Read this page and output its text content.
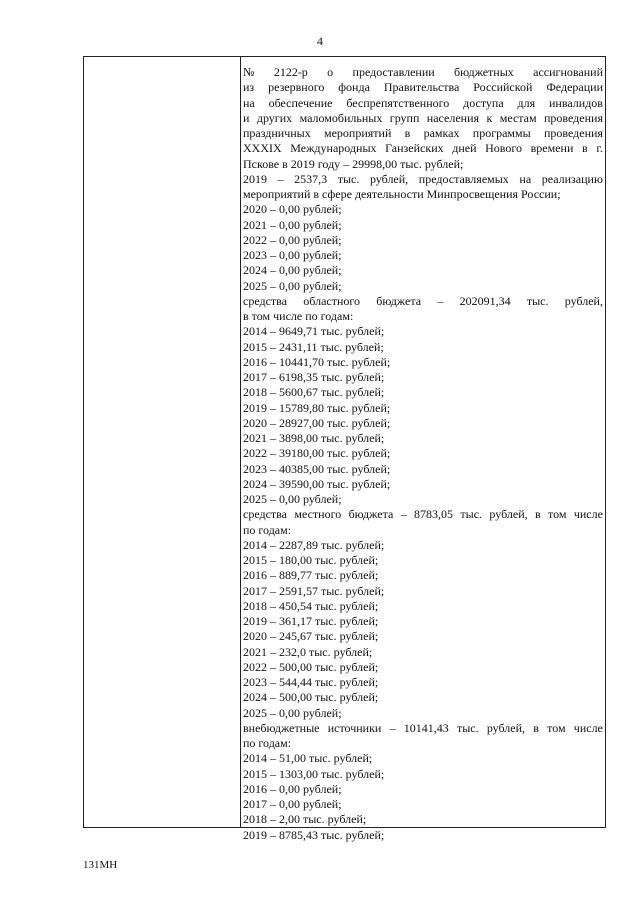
4
№ 2122-р о предоставлении бюджетных ассигнований
из резервного фонда Правительства Российской Федерации
на обеспечение беспрепятственного доступа для инвалидов
и других маломобильных групп населения к местам проведения
праздничных мероприятий в рамках программы проведения
XXXIX Международных Ганзейских дней Нового времени в г.
Пскове в 2019 году – 29998,00 тыс. рублей;
2019 – 2537,3 тыс. рублей, предоставляемых на реализацию
мероприятий в сфере деятельности Минпросвещения России;
2020 – 0,00 рублей;
2021 – 0,00 рублей;
2022 – 0,00 рублей;
2023 – 0,00 рублей;
2024 – 0,00 рублей;
2025 – 0,00 рублей;
средства областного бюджета – 202091,34 тыс. рублей,
в том числе по годам:
2014 – 9649,71 тыс. рублей;
2015 – 2431,11 тыс. рублей;
2016 – 10441,70 тыс. рублей;
2017 – 6198,35 тыс. рублей;
2018 – 5600,67 тыс. рублей;
2019 – 15789,80 тыс. рублей;
2020 – 28927,00 тыс. рублей;
2021 – 3898,00 тыс. рублей;
2022 – 39180,00 тыс. рублей;
2023 – 40385,00 тыс. рублей;
2024 – 39590,00 тыс. рублей;
2025 – 0,00 рублей;
средства местного бюджета – 8783,05 тыс. рублей, в том числе
по годам:
2014 – 2287,89 тыс. рублей;
2015 – 180,00 тыс. рублей;
2016 – 889,77 тыс. рублей;
2017 – 2591,57 тыс. рублей;
2018 – 450,54 тыс. рублей;
2019 – 361,17 тыс. рублей;
2020 – 245,67 тыс. рублей;
2021 – 232,0 тыс. рублей;
2022 – 500,00 тыс. рублей;
2023 – 544,44 тыс. рублей;
2024 – 500,00 тыс. рублей;
2025 – 0,00 рублей;
внебюджетные источники – 10141,43 тыс. рублей, в том числе
по годам:
2014 – 51,00 тыс. рублей;
2015 – 1303,00 тыс. рублей;
2016 – 0,00 рублей;
2017 – 0,00 рублей;
2018 – 2,00 тыс. рублей;
2019 – 8785,43 тыс. рублей;
131МН
